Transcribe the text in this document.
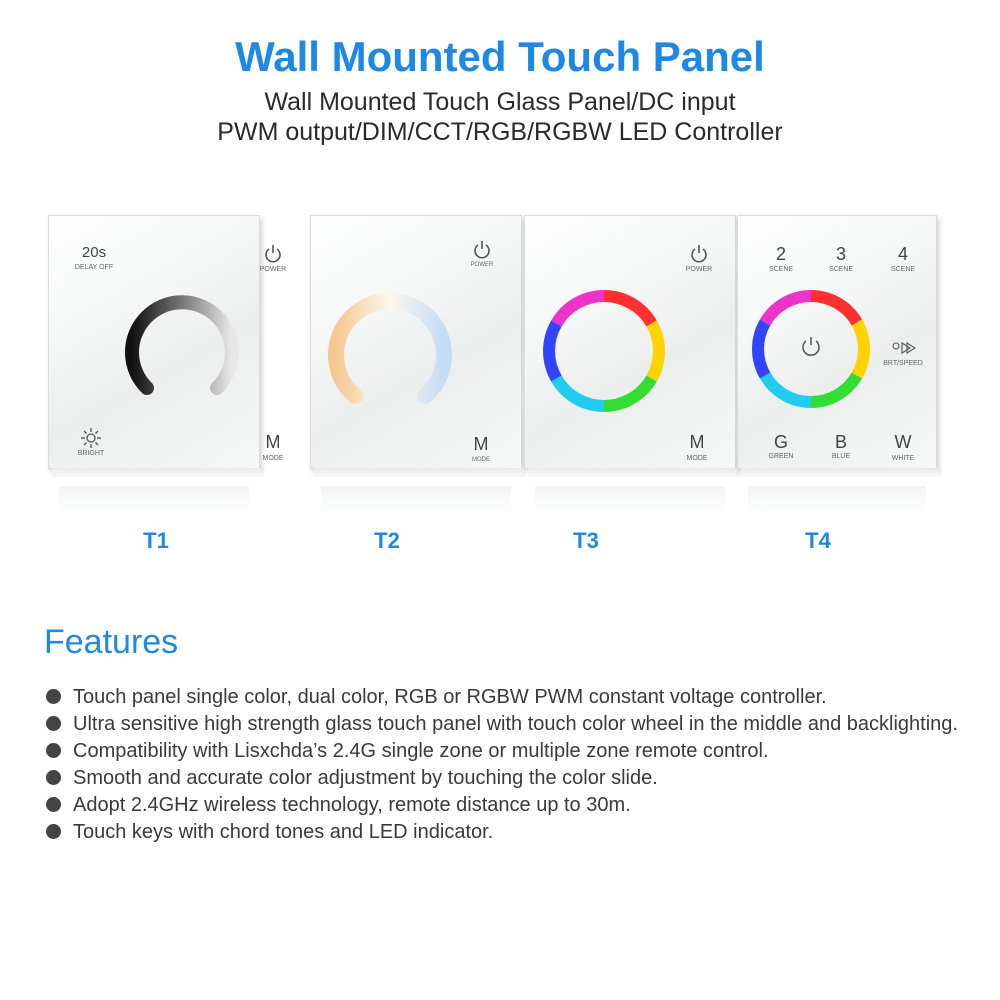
Wall Mounted Touch Panel
Wall Mounted Touch Glass Panel/DC input
PWM output/DIM/CCT/RGB/RGBW LED Controller
20s
DELAY OFF	POWER
BRIGHT
M
MODE
POWER
M
MODE
POWER
M
MODE
2
SCENE
3
SCENE
4
SCENE
BRT/SPEED
G
GREEN
B
BLUE
W
WHITE
T1	T2	T3	T4
Features
Touch panel single color, dual color, RGB or RGBW PWM constant voltage controller.
Ultra sensitive high strength glass touch panel with touch color wheel in the middle and backlighting.
Compatibility with Lisxchda’s 2.4G single zone or multiple zone remote control.
Smooth and accurate color adjustment by touching the color slide.
Adopt 2.4GHz wireless technology, remote distance up to 30m.
Touch keys with chord tones and LED indicator.
